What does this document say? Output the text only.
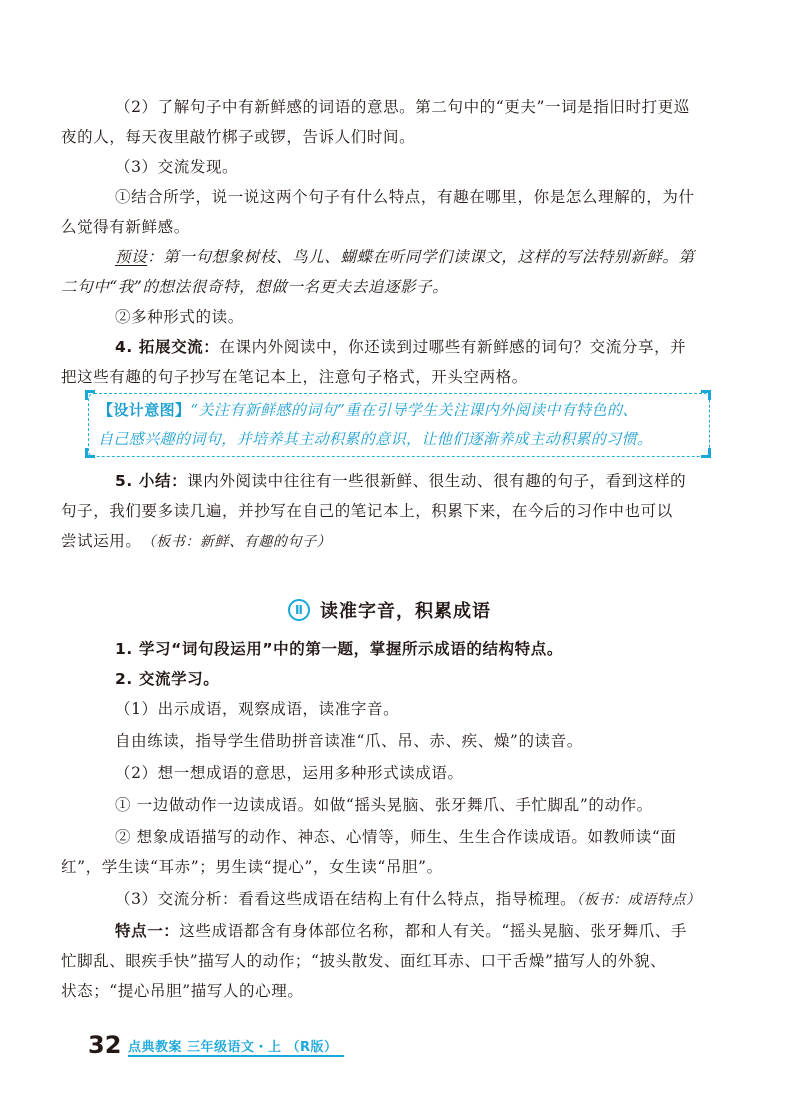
（2）了解句子中有新鲜感的词语的意思。第二句中的“更夫”一词是指旧时打更巡
夜的人，每天夜里敲竹梆子或锣，告诉人们时间。
（3）交流发现。
①结合所学，说一说这两个句子有什么特点，有趣在哪里，你是怎么理解的，为什
么觉得有新鲜感。
预设：第一句想象树枝、鸟儿、蝴蝶在听同学们读课文，这样的写法特别新鲜。第
二句中“我”的想法很奇特，想做一名更夫去追逐影子。
②多种形式的读。
4. 拓展交流：在课内外阅读中，你还读到过哪些有新鲜感的词句？交流分享，并
把这些有趣的句子抄写在笔记本上，注意句子格式，开头空两格。
【设计意图】“关注有新鲜感的词句”重在引导学生关注课内外阅读中有特色的、
自己感兴趣的词句，并培养其主动积累的意识，让他们逐渐养成主动积累的习惯。
5. 小结：课内外阅读中往往有一些很新鲜、很生动、很有趣的句子，看到这样的
句子，我们要多读几遍，并抄写在自己的笔记本上，积累下来，在今后的习作中也可以
尝试运用。（板书：新鲜、有趣的句子）
Ⅱ 读准字音，积累成语
1. 学习“词句段运用”中的第一题，掌握所示成语的结构特点。
2. 交流学习。
（1）出示成语，观察成语，读准字音。
自由练读，指导学生借助拼音读准“爪、吊、赤、疾、燥”的读音。
（2）想一想成语的意思，运用多种形式读成语。
① 一边做动作一边读成语。如做“摇头晃脑、张牙舞爪、手忙脚乱”的动作。
② 想象成语描写的动作、神态、心情等，师生、生生合作读成语。如教师读“面
红”，学生读“耳赤”；男生读“提心”，女生读“吊胆”。
（3）交流分析：看看这些成语在结构上有什么特点，指导梳理。（板书：成语特点）
特点一：这些成语都含有身体部位名称，都和人有关。“摇头晃脑、张牙舞爪、手
忙脚乱、眼疾手快”描写人的动作；“披头散发、面红耳赤、口干舌燥”描写人的外貌、
状态；“提心吊胆”描写人的心理。
32 点典教案 三年级语文・上 （R版）
